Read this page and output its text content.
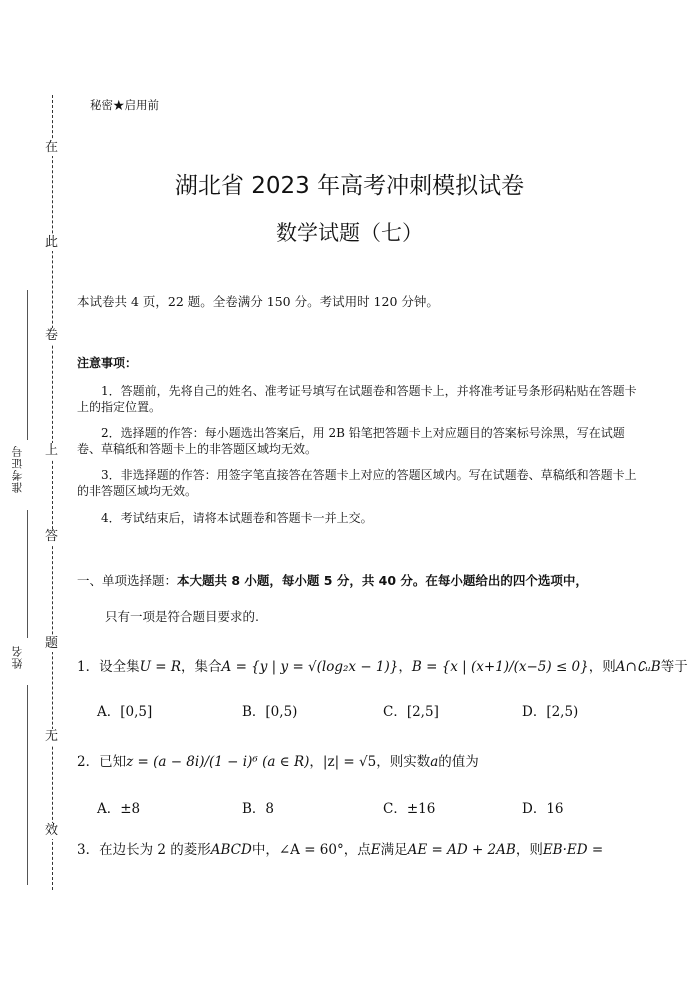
在
此
卷
上
答
题
无
效
准考证号
姓名
秘密★启用前
湖北省 2023 年高考冲刺模拟试卷
数学试题（七）
本试卷共 4 页，22 题。全卷满分 150 分。考试用时 120 分钟。
注意事项：
1．答题前，先将自己的姓名、准考证号填写在试题卷和答题卡上，并将准考证号条形码粘贴在答题卡上的指定位置。
2．选择题的作答：每小题选出答案后，用 2B 铅笔把答题卡上对应题目的答案标号涂黑，写在试题卷、草稿纸和答题卡上的非答题区域均无效。
3．非选择题的作答：用签字笔直接答在答题卡上对应的答题区域内。写在试题卷、草稿纸和答题卡上的非答题区域均无效。
4．考试结束后，请将本试题卷和答题卡一并上交。
一、单项选择题：本大题共 8 小题，每小题 5 分，共 40 分。在每小题给出的四个选项中，
只有一项是符合题目要求的.
1．设全集U = R，集合A = {y | y = √(log₂x − 1)}，B = {x | (x+1)/(x−5) ≤ 0}，则A∩∁ᵤB等于
A．[0,5]	B．[0,5)	C．[2,5]	D．[2,5)
2．已知z = (a − 8i)/(1 − i)⁶ (a ∈ R)，|z| = √5，则实数a的值为
A．±8	B．8	C．±16	D．16
3．在边长为 2 的菱形ABCD中，∠A = 60°，点E满足AE = AD + 2AB，则EB·ED =
